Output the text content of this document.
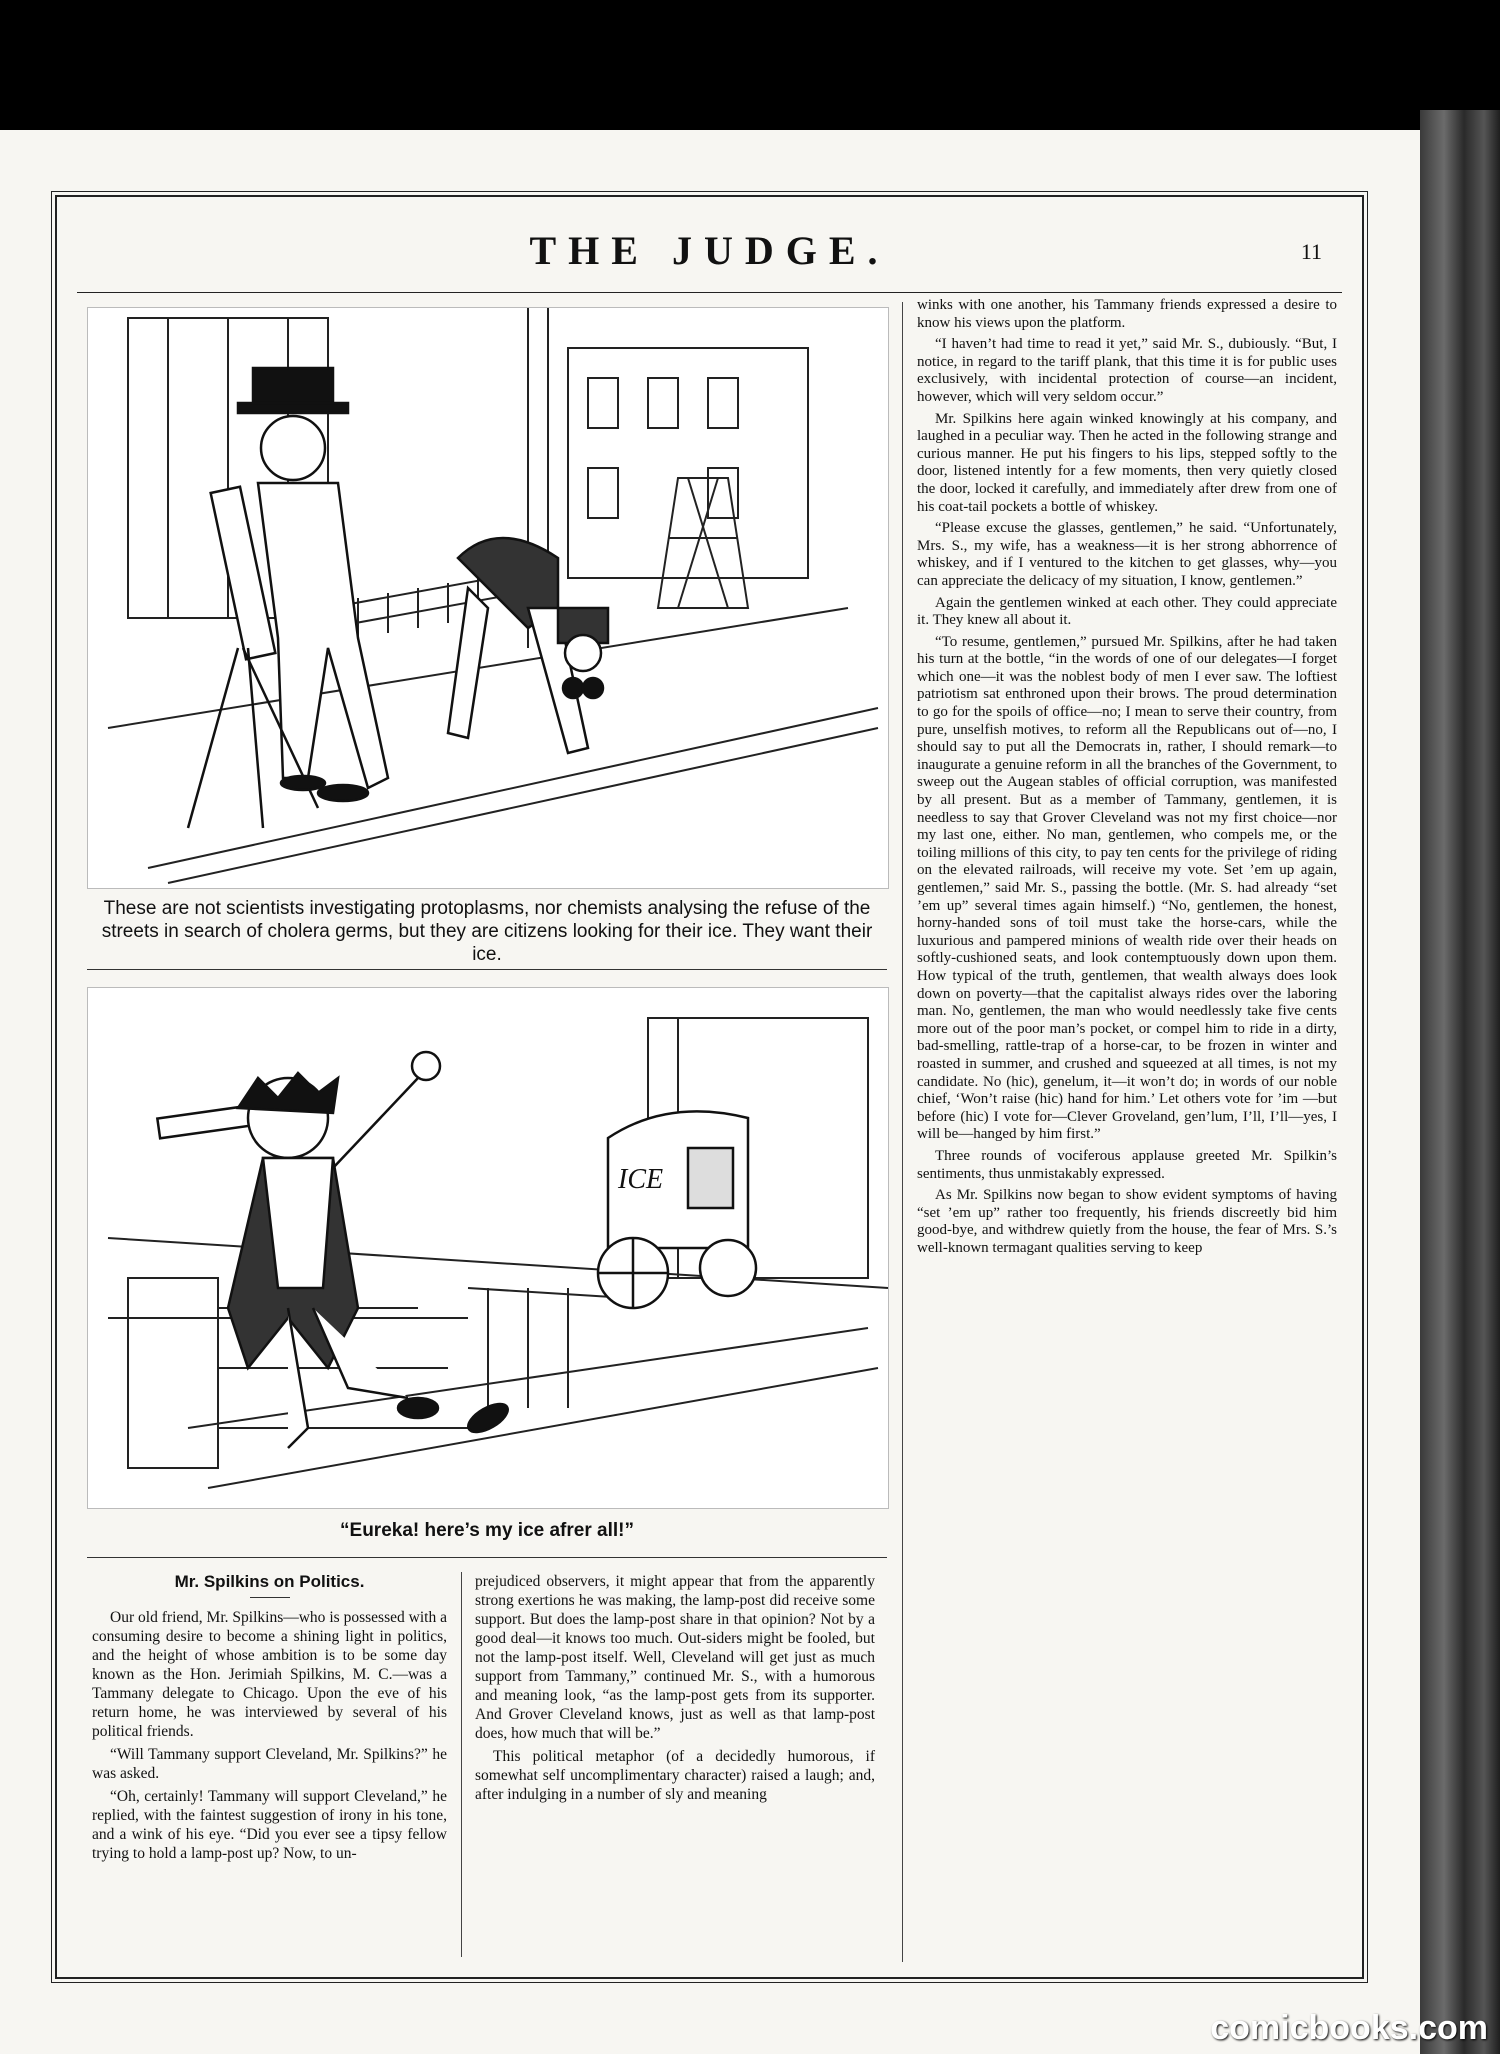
THE JUDGE.	11
These are not scientists investigating protoplasms, nor chemists analysing the refuse of the streets in search of cholera germs, but they are citizens looking for their ice. They want their ice.
ICE
“Eureka! here’s my ice afrer all!”
Mr. Spilkins on Politics.

Our old friend, Mr. Spilkins—who is possessed with a consuming desire to become a shining light in politics, and the height of whose ambition is to be some day known as the Hon. Jerimiah Spilkins, M. C.—was a Tammany delegate to Chicago. Upon the eve of his return home, he was interviewed by several of his political friends.

“Will Tammany support Cleveland, Mr. Spilkins?” he was asked.

“Oh, certainly! Tammany will support Cleveland,” he replied, with the faintest suggestion of irony in his tone, and a wink of his eye. “Did you ever see a tipsy fellow trying to hold a lamp-post up? Now, to un-

prejudiced observers, it might appear that from the apparently strong exertions he was making, the lamp-post did receive some support. But does the lamp-post share in that opinion? Not by a good deal—it knows too much. Out-siders might be fooled, but not the lamp-post itself. Well, Cleveland will get just as much support from Tammany,” continued Mr. S., with a humorous and meaning look, “as the lamp-post gets from its supporter. And Grover Cleveland knows, just as well as that lamp-post does, how much that will be.”

This political metaphor (of a decidedly humorous, if somewhat self uncomplimentary character) raised a laugh; and, after indulging in a number of sly and meaning

winks with one another, his Tammany friends expressed a desire to know his views upon the platform.

“I haven’t had time to read it yet,” said Mr. S., dubiously. “But, I notice, in regard to the tariff plank, that this time it is for public uses exclusively, with incidental protection of course—an incident, however, which will very seldom occur.”

Mr. Spilkins here again winked knowingly at his company, and laughed in a peculiar way. Then he acted in the following strange and curious manner. He put his fingers to his lips, stepped softly to the door, listened intently for a few moments, then very quietly closed the door, locked it carefully, and immediately after drew from one of his coat-tail pockets a bottle of whiskey.

“Please excuse the glasses, gentlemen,” he said. “Unfortunately, Mrs. S., my wife, has a weakness—it is her strong abhorrence of whiskey, and if I ventured to the kitchen to get glasses, why—you can appreciate the delicacy of my situation, I know, gentlemen.”

Again the gentlemen winked at each other. They could appreciate it. They knew all about it.

“To resume, gentlemen,” pursued Mr. Spilkins, after he had taken his turn at the bottle, “in the words of one of our delegates—I forget which one—it was the noblest body of men I ever saw. The loftiest patriotism sat enthroned upon their brows. The proud determination to go for the spoils of office—no; I mean to serve their country, from pure, unselfish motives, to reform all the Republicans out of—no, I should say to put all the Democrats in, rather, I should remark—to inaugurate a genuine reform in all the branches of the Government, to sweep out the Augean stables of official corruption, was manifested by all present. But as a member of Tammany, gentlemen, it is needless to say that Grover Cleveland was not my first choice—nor my last one, either. No man, gentlemen, who compels me, or the toiling millions of this city, to pay ten cents for the privilege of riding on the elevated railroads, will receive my vote. Set ’em up again, gentlemen,” said Mr. S., passing the bottle. (Mr. S. had already “set ’em up” several times again himself.) “No, gentlemen, the honest, horny-handed sons of toil must take the horse-cars, while the luxurious and pampered minions of wealth ride over their heads on softly-cushioned seats, and look contemptuously down upon them. How typical of the truth, gentlemen, that wealth always does look down on poverty—that the capitalist always rides over the laboring man. No, gentlemen, the man who would needlessly take five cents more out of the poor man’s pocket, or compel him to ride in a dirty, bad-smelling, rattle-trap of a horse-car, to be frozen in winter and roasted in summer, and crushed and squeezed at all times, is not my candidate. No (hic), genelum, it—it won’t do; in words of our noble chief, ‘Won’t raise (hic) hand for him.’ Let others vote for ’im —but before (hic) I vote for—Clever Groveland, gen’lum, I’ll, I’ll—yes, I will be—hanged by him first.”

Three rounds of vociferous applause greeted Mr. Spilkin’s sentiments, thus unmistakably expressed.

As Mr. Spilkins now began to show evident symptoms of having “set ’em up” rather too frequently, his friends discreetly bid him good-bye, and withdrew quietly from the house, the fear of Mrs. S.’s well-known termagant qualities serving to keep

comicbooks.com
